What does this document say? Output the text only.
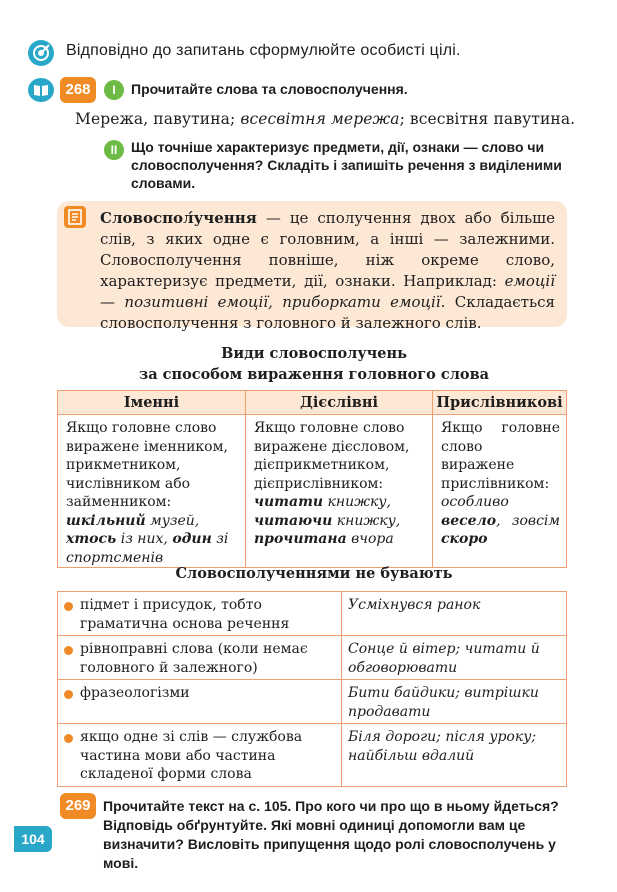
Відповідно до запитань сформулюйте особисті цілі.
268	I	Прочитайте слова та словосполучення.
Мережа, павутина; всесвітня мережа; всесвітня павутина.
II Що точніше характеризує предмети, дії, ознаки — слово чи словосполучення? Складіть і запишіть речення з виділеними словами.
Словоспол́учення — це сполучення двох або більше слів, з яких одне є головним, а інші — залежними. Словосполучення повніше, ніж окреме слово, характеризує предмети, дії, ознаки. Наприклад: емоції — позитивні емоції, приборкати емоції. Складається словосполучення з головного й залежного слів.
Види словосполучень
за способом вираження головного слова
Іменні	Дієслівні	Прислівникові
Якщо головне слово виражене іменником, прикметником, числівником або займенником: шкільний музей, хтось із них, один зі спортсменів	Якщо головне слово виражене дієсловом, дієприкметником, дієприслівником: читати книжку, читаючи книжку, прочитана вчора	Якщо головне слово виражене прислівником: особливо весело, зовсім скоро
Словосполученнями не бувають
підмет і присудок, тобто граматична основа речення	Усміхнувся ранок

рівноправні слова (коли немає головного й залежного)	Сонце й вітер; читати й обговорювати

фразеологізми	Бити байдики; витрішки продавати

якщо одне зі слів — службова частина мови або частина складеної форми слова	Біля дороги; після уроку; найбільш вдалий
269 Прочитайте текст на с. 105. Про кого чи про що в ньому йдеться? Відповідь обґрунтуйте. Які мовні одиниці допомогли вам це визначити? Висловіть припущення щодо ролі словосполучень у мові.
104
